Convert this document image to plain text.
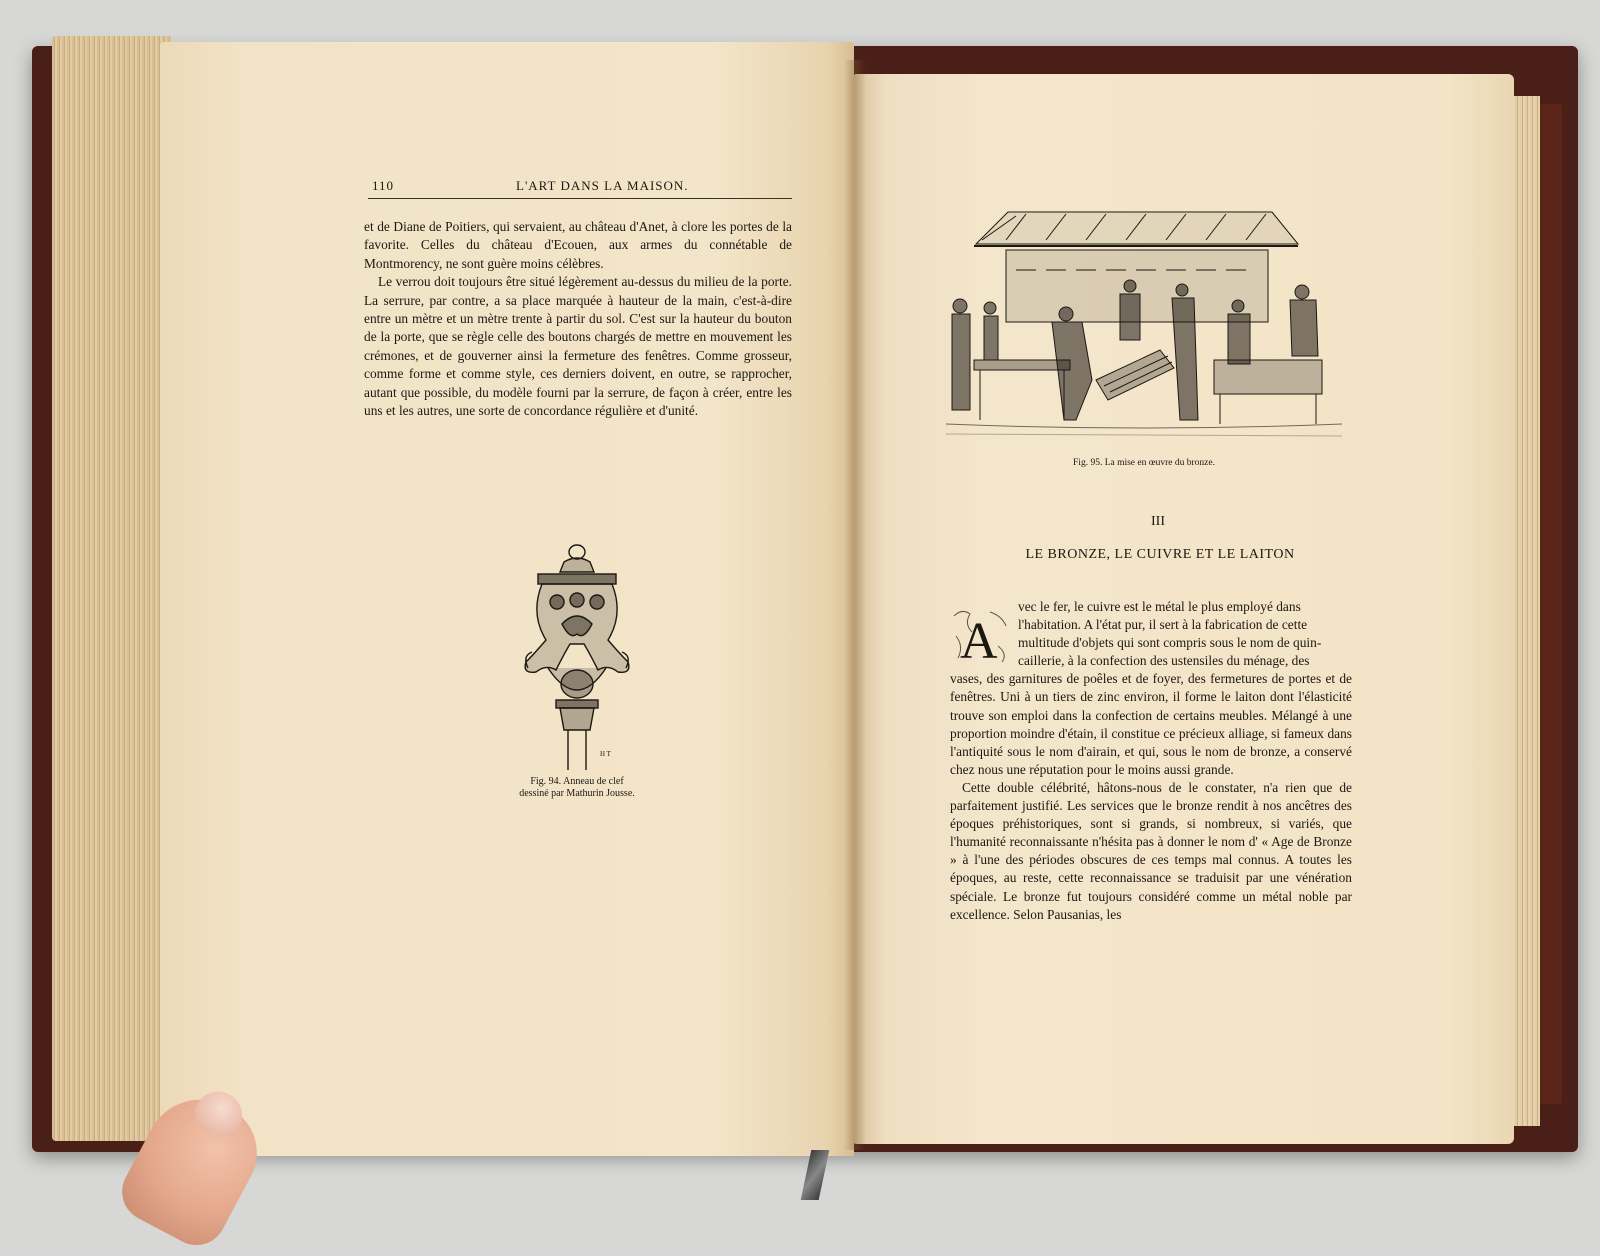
110	L'ART DANS LA MAISON.

et de Diane de Poitiers, qui servaient, au château d'Anet, à clore les portes de la favorite. Celles du château d'Ecouen, aux armes du connétable de Montmorency, ne sont guère moins célèbres.

Le verrou doit toujours être situé légèrement au-dessus du milieu de la porte. La serrure, par contre, a sa place marquée à hauteur de la main, c'est-à-dire entre un mètre et un mètre trente à partir du sol. C'est sur la hauteur du bouton de la porte, que se règle celle des boutons chargés de mettre en mouvement les crémones, et de gouverner ainsi la fermeture des fenêtres. Comme grosseur, comme forme et comme style, ces derniers doivent, en outre, se rapprocher, autant que possible, du modèle fourni par la serrure, de façon à créer, entre les uns et les autres, une sorte de concordance régulière et d'unité.

H T
Fig. 94. Anneau de clef
dessiné par Mathurin Jousse.
Fig. 95. La mise en œuvre du bronze.
III
LE BRONZE, LE CUIVRE ET LE LAITON
A

vec le fer, le cuivre est le métal le plus employé dans
l'habitation. A l'état pur, il sert à la fabrication de cette
multitude d'objets qui sont compris sous le nom de quin-
caillerie, à la confection des ustensiles du ménage, des
vases, des garnitures de poêles et de foyer, des fermetures de portes et de fenêtres. Uni à un tiers de zinc environ, il forme le laiton dont l'élasticité trouve son emploi dans la confection de certains meubles. Mélangé à une proportion moindre d'étain, il constitue ce précieux alliage, si fameux dans l'antiquité sous le nom d'airain, et qui, sous le nom de bronze, a conservé chez nous une réputation pour le moins aussi grande.

Cette double célébrité, hâtons-nous de le constater, n'a rien que de parfaitement justifié. Les services que le bronze rendit à nos ancêtres des époques préhistoriques, sont si grands, si nombreux, si variés, que l'humanité reconnaissante n'hésita pas à donner le nom d' « Age de Bronze » à l'une des périodes obscures de ces temps mal connus. A toutes les époques, au reste, cette reconnaissance se traduisit par une vénération spéciale. Le bronze fut toujours considéré comme un métal noble par excellence. Selon Pausanias, les
